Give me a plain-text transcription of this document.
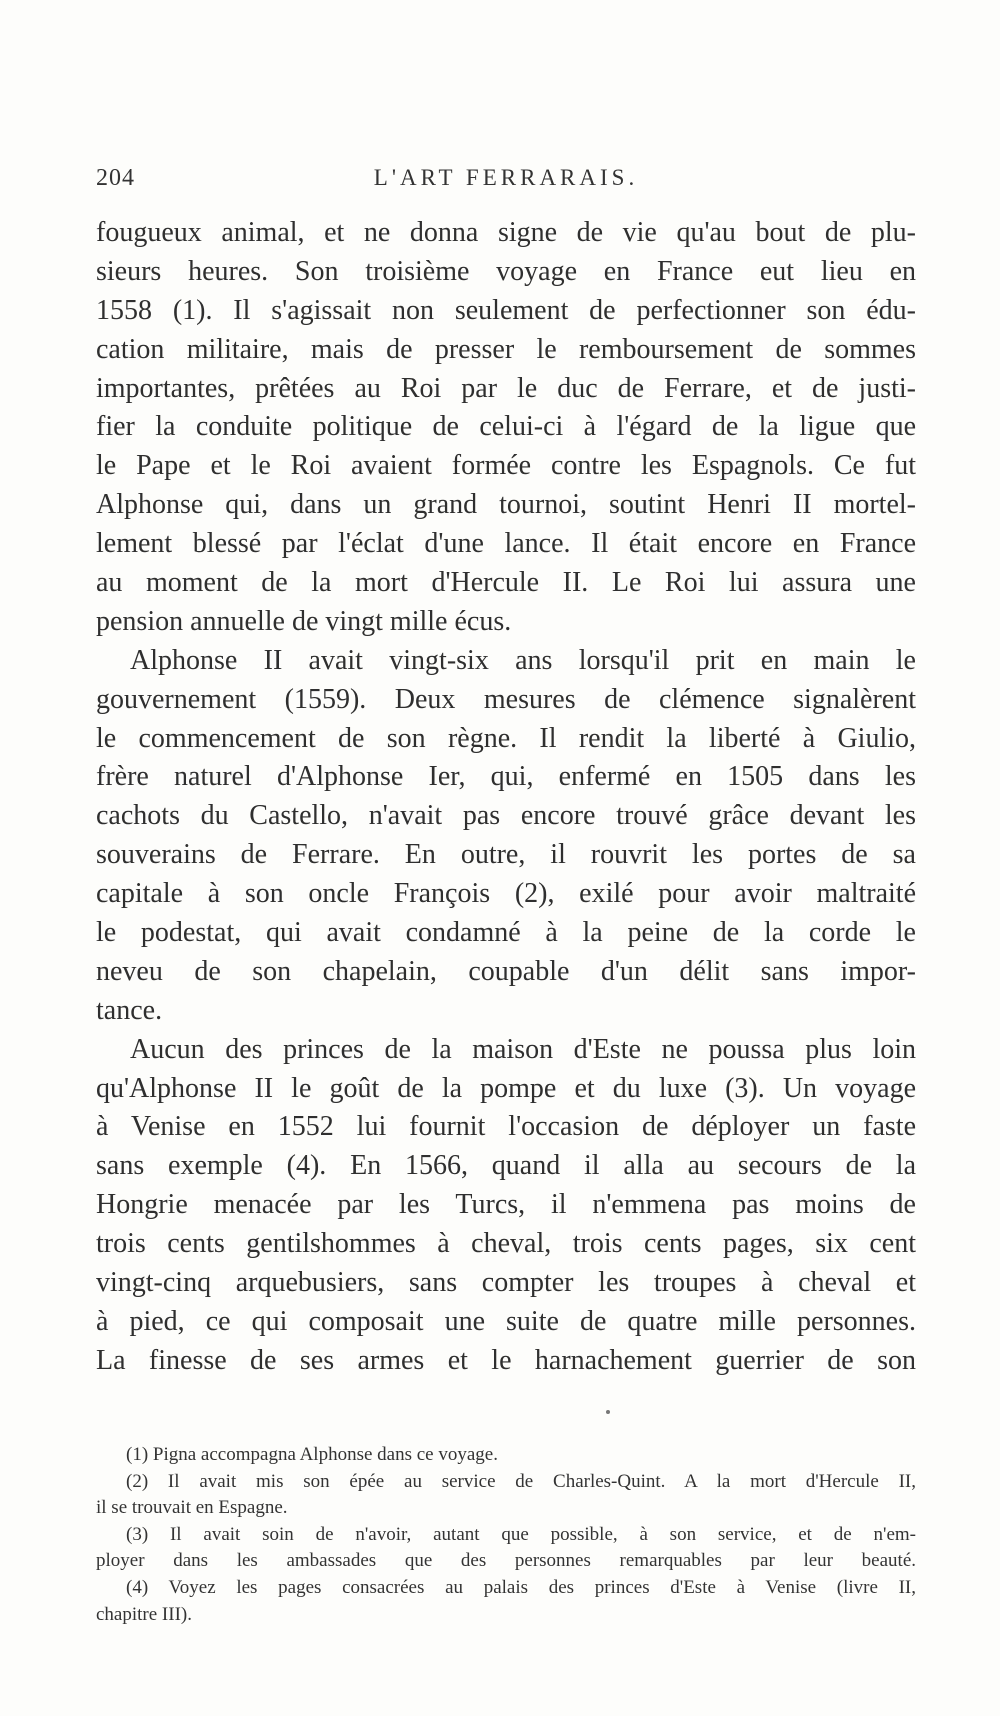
204	L'ART FERRARAIS.
fougueux animal, et ne donna signe de vie qu'au bout de plu-
sieurs heures. Son troisième voyage en France eut lieu en
1558 (1). Il s'agissait non seulement de perfectionner son édu-
cation militaire, mais de presser le remboursement de sommes
importantes, prêtées au Roi par le duc de Ferrare, et de justi-
fier la conduite politique de celui-ci à l'égard de la ligue que
le Pape et le Roi avaient formée contre les Espagnols. Ce fut
Alphonse qui, dans un grand tournoi, soutint Henri II mortel-
lement blessé par l'éclat d'une lance. Il était encore en France
au moment de la mort d'Hercule II. Le Roi lui assura une
pension annuelle de vingt mille écus.
Alphonse II avait vingt-six ans lorsqu'il prit en main le
gouvernement (1559). Deux mesures de clémence signalèrent
le commencement de son règne. Il rendit la liberté à Giulio,
frère naturel d'Alphonse Ier, qui, enfermé en 1505 dans les
cachots du Castello, n'avait pas encore trouvé grâce devant les
souverains de Ferrare. En outre, il rouvrit les portes de sa
capitale à son oncle François (2), exilé pour avoir maltraité
le podestat, qui avait condamné à la peine de la corde le
neveu de son chapelain, coupable d'un délit sans impor-
tance.
Aucun des princes de la maison d'Este ne poussa plus loin
qu'Alphonse II le goût de la pompe et du luxe (3). Un voyage
à Venise en 1552 lui fournit l'occasion de déployer un faste
sans exemple (4). En 1566, quand il alla au secours de la
Hongrie menacée par les Turcs, il n'emmena pas moins de
trois cents gentilshommes à cheval, trois cents pages, six cent
vingt-cinq arquebusiers, sans compter les troupes à cheval et
à pied, ce qui composait une suite de quatre mille personnes.
La finesse de ses armes et le harnachement guerrier de son
(1) Pigna accompagna Alphonse dans ce voyage.
(2) Il avait mis son épée au service de Charles-Quint. A la mort d'Hercule II,
il se trouvait en Espagne.
(3) Il avait soin de n'avoir, autant que possible, à son service, et de n'em-
ployer dans les ambassades que des personnes remarquables par leur beauté.
(4) Voyez les pages consacrées au palais des princes d'Este à Venise (livre II,
chapitre III).
